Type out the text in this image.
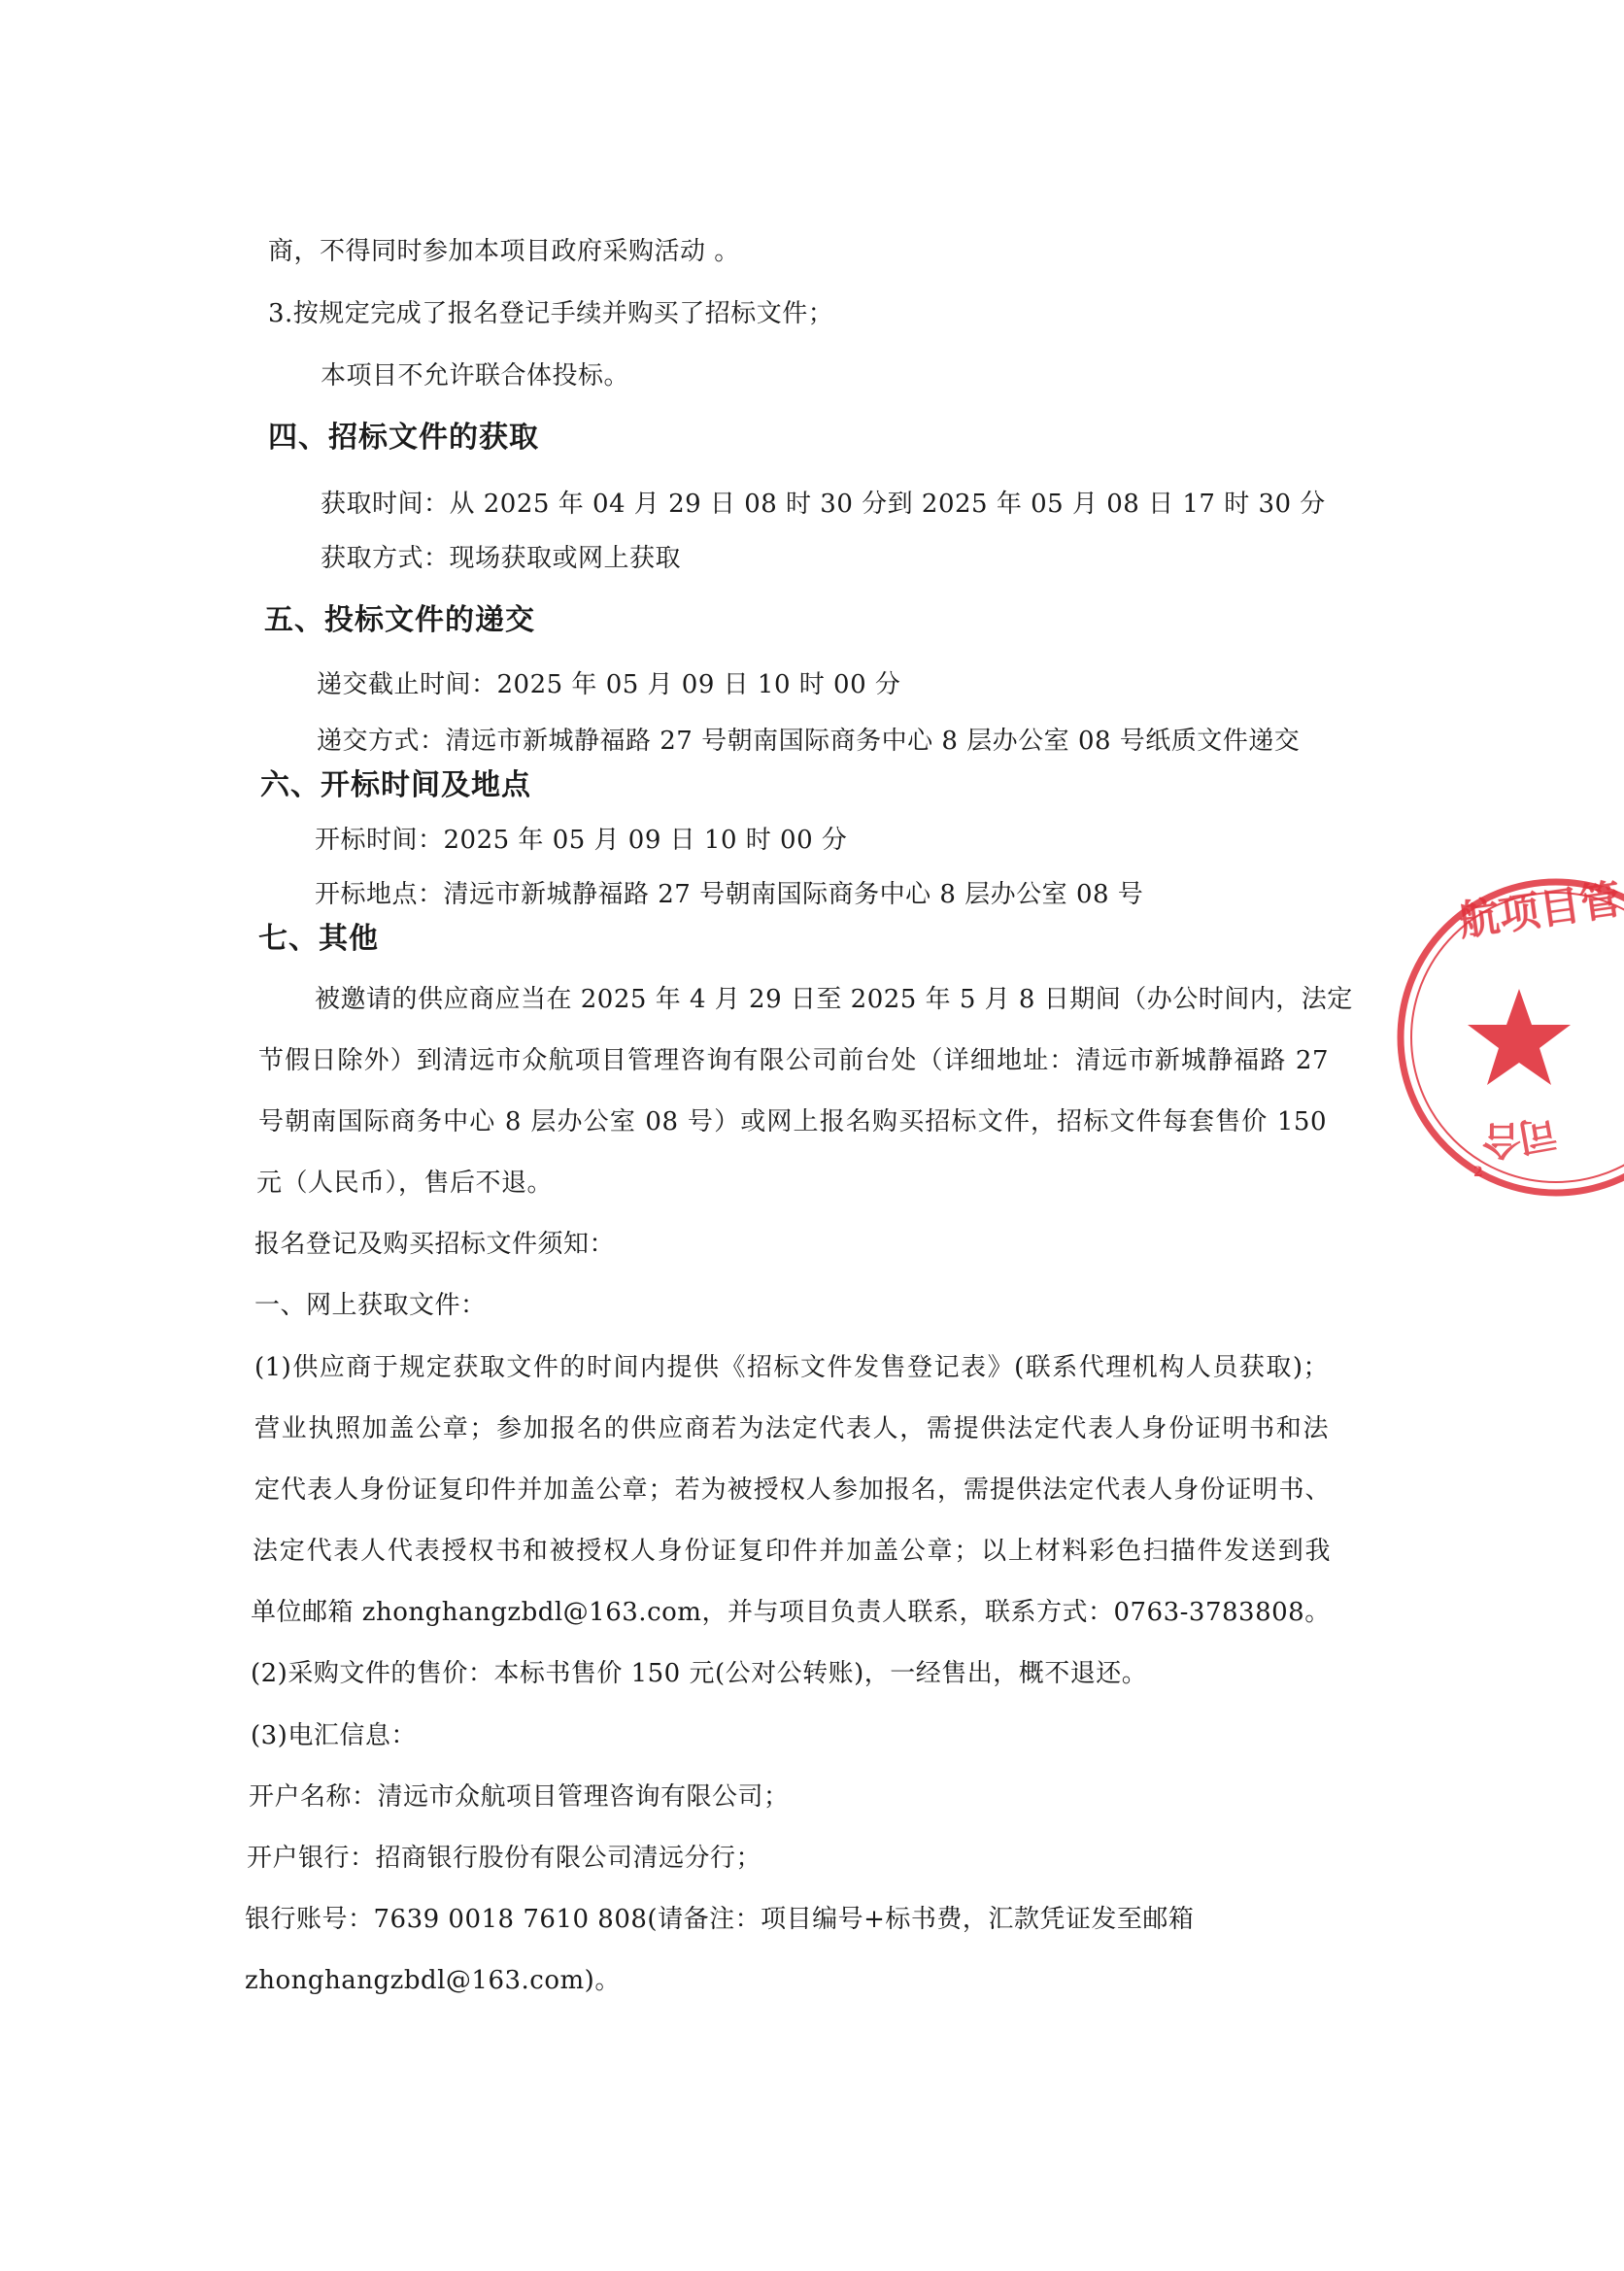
商，不得同时参加本项目政府采购活动 。
3.按规定完成了报名登记手续并购买了招标文件；
本项目不允许联合体投标。
四、招标文件的获取
获取时间：从 2025 年 04 月 29 日 08 时 30 分到 2025 年 05 月 08 日 17 时 30 分
获取方式：现场获取或网上获取
五、投标文件的递交
递交截止时间：2025 年 05 月 09 日 10 时 00 分
递交方式：清远市新城静福路 27 号朝南国际商务中心 8 层办公室 08 号纸质文件递交
六、开标时间及地点
开标时间：2025 年 05 月 09 日 10 时 00 分
开标地点：清远市新城静福路 27 号朝南国际商务中心 8 层办公室 08 号
七、其他
被邀请的供应商应当在 2025 年 4 月 29 日至 2025 年 5 月 8 日期间（办公时间内，法定
节假日除外）到清远市众航项目管理咨询有限公司前台处（详细地址：清远市新城静福路 27
号朝南国际商务中心 8 层办公室 08 号）或网上报名购买招标文件，招标文件每套售价 150
元（人民币），售后不退。
报名登记及购买招标文件须知：
一、网上获取文件：
(1)供应商于规定获取文件的时间内提供《招标文件发售登记表》(联系代理机构人员获取)；
营业执照加盖公章；参加报名的供应商若为法定代表人，需提供法定代表人身份证明书和法
定代表人身份证复印件并加盖公章；若为被授权人参加报名，需提供法定代表人身份证明书、
法定代表人代表授权书和被授权人身份证复印件并加盖公章；以上材料彩色扫描件发送到我
单位邮箱 zhonghangzbdl@163.com，并与项目负责人联系，联系方式：0763-3783808。
(2)采购文件的售价：本标书售价 150 元(公对公转账)，一经售出，概不退还。
(3)电汇信息：
开户名称：清远市众航项目管理咨询有限公司；
开户银行：招商银行股份有限公司清远分行；
银行账号：7639 0018 7610 808(请备注：项目编号+标书费，汇款凭证发至邮箱
zhonghangzbdl@163.com)。
航项目管
2
合
司
